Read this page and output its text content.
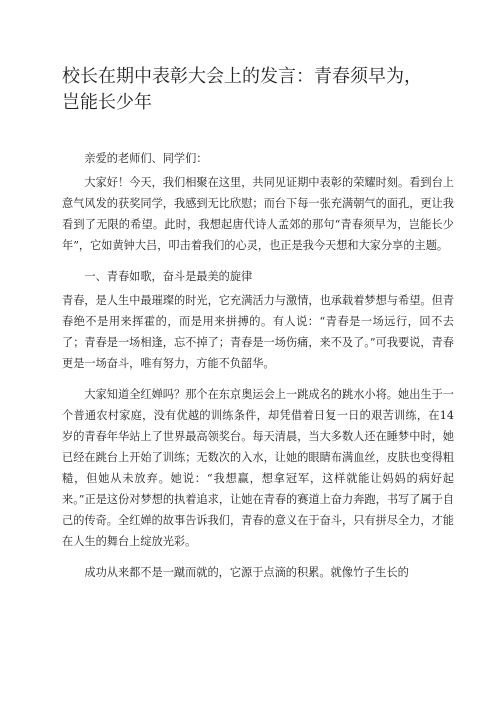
校长在期中表彰大会上的发言：青春须早为，
岂能长少年

亲爱的老师们、同学们：

大家好！今天，我们相聚在这里，共同见证期中表彰的荣耀时刻。看到台上意气风发的获奖同学，我感到无比欣慰；而台下每一张充满朝气的面孔，更让我看到了无限的希望。此时，我想起唐代诗人孟郊的那句“青春须早为，岂能长少年”，它如黄钟大吕，叩击着我们的心灵，也正是我今天想和大家分享的主题。

一、青春如歌，奋斗是最美的旋律

青春，是人生中最璀璨的时光，它充满活力与激情，也承载着梦想与希望。但青春绝不是用来挥霍的，而是用来拼搏的。有人说：“青春是一场远行，回不去了；青春是一场相逢，忘不掉了；青春是一场伤痛，来不及了。”可我要说，青春更是一场奋斗，唯有努力，方能不负韶华。

大家知道全红婵吗？那个在东京奥运会上一跳成名的跳水小将。她出生于一个普通农村家庭，没有优越的训练条件，却凭借着日复一日的艰苦训练，在14岁的青春年华站上了世界最高领奖台。每天清晨，当大多数人还在睡梦中时，她已经在跳台上开始了训练；无数次的入水，让她的眼睛布满血丝，皮肤也变得粗糙，但她从未放弃。她说：“我想赢，想拿冠军，这样就能让妈妈的病好起来。”正是这份对梦想的执着追求，让她在青春的赛道上奋力奔跑，书写了属于自己的传奇。全红婵的故事告诉我们，青春的意义在于奋斗，只有拼尽全力，才能在人生的舞台上绽放光彩。

成功从来都不是一蹴而就的，它源于点滴的积累。就像竹子生长的
